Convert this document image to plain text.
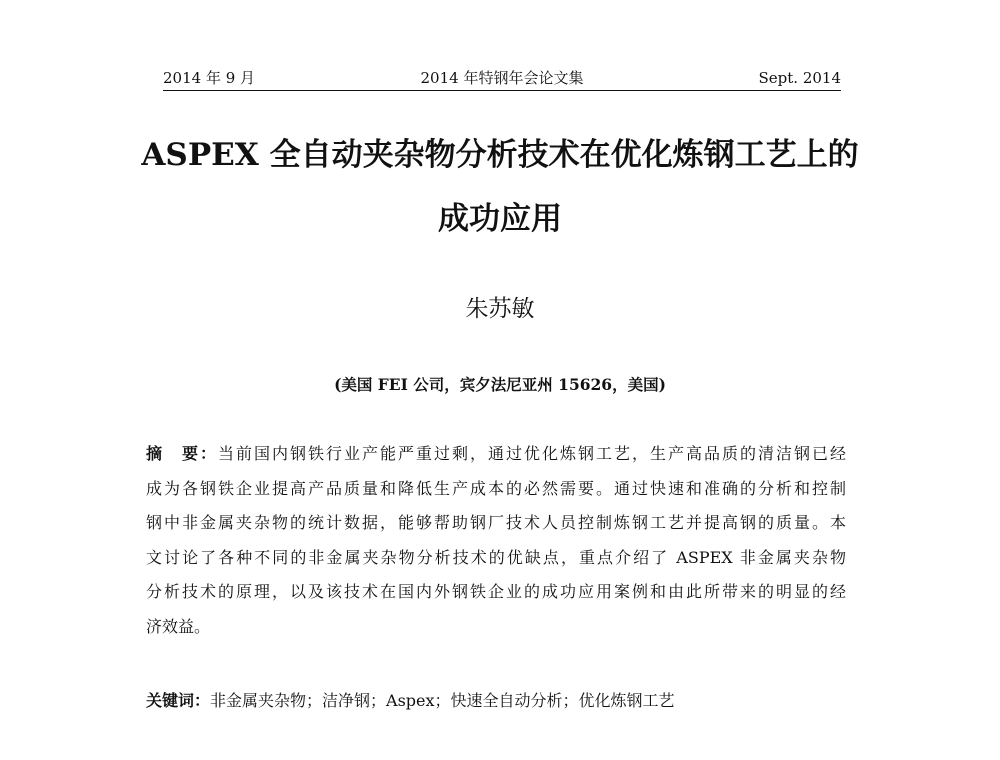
2014 年 9 月	2014 年特钢年会论文集	Sept. 2014
ASPEX 全自动夹杂物分析技术在优化炼钢工艺上的
成功应用
朱苏敏
(美国 FEI 公司，宾夕法尼亚州 15626，美国)
摘要：当前国内钢铁行业产能严重过剩，通过优化炼钢工艺，生产高品质的清洁钢已经
成为各钢铁企业提高产品质量和降低生产成本的必然需要。通过快速和准确的分析和控制
钢中非金属夹杂物的统计数据，能够帮助钢厂技术人员控制炼钢工艺并提高钢的质量。本
文讨论了各种不同的非金属夹杂物分析技术的优缺点，重点介绍了 ASPEX 非金属夹杂物
分析技术的原理，以及该技术在国内外钢铁企业的成功应用案例和由此所带来的明显的经
济效益。
关键词：非金属夹杂物；洁净钢；Aspex；快速全自动分析；优化炼钢工艺
